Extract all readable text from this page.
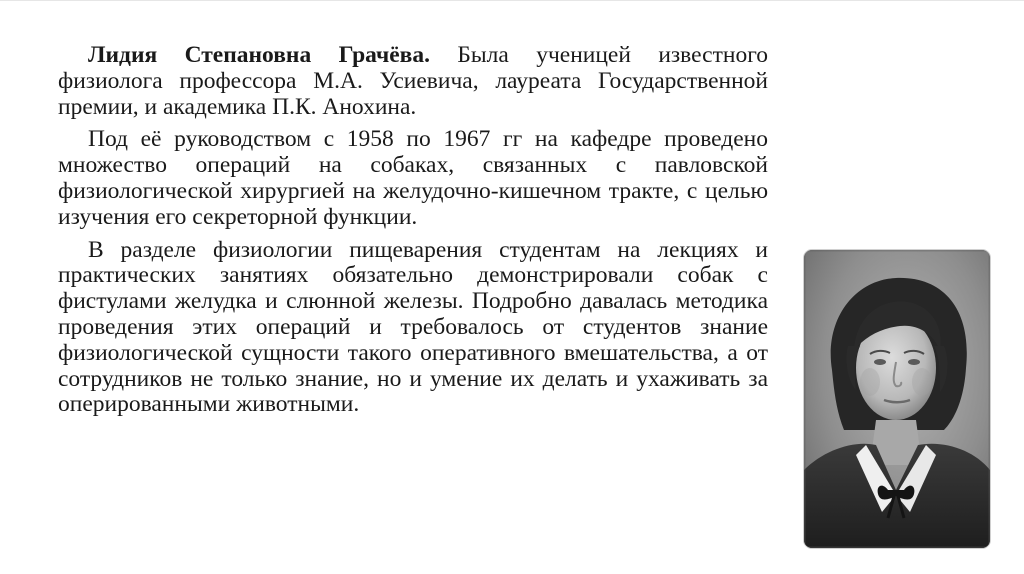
Лидия Степановна Грачёва. Была ученицей известного физиолога профессора М.А. Усиевича, лауреата Государственной премии, и академика П.К. Анохина.

Под её руководством с 1958 по 1967 гг на кафедре проведено множество операций на собаках, связанных с павловской физиологической хирургией на желудочно-кишечном тракте, с целью изучения его секреторной функции.

В разделе физиологии пищеварения студентам на лекциях и практических занятиях обязательно демонстрировали собак с фистулами желудка и слюнной железы. Подробно давалась методика проведения этих операций и требовалось от студентов знание физиологической сущности такого оперативного вмешательства, а от сотрудников не только знание, но и умение их делать и ухаживать за оперированными животными.
